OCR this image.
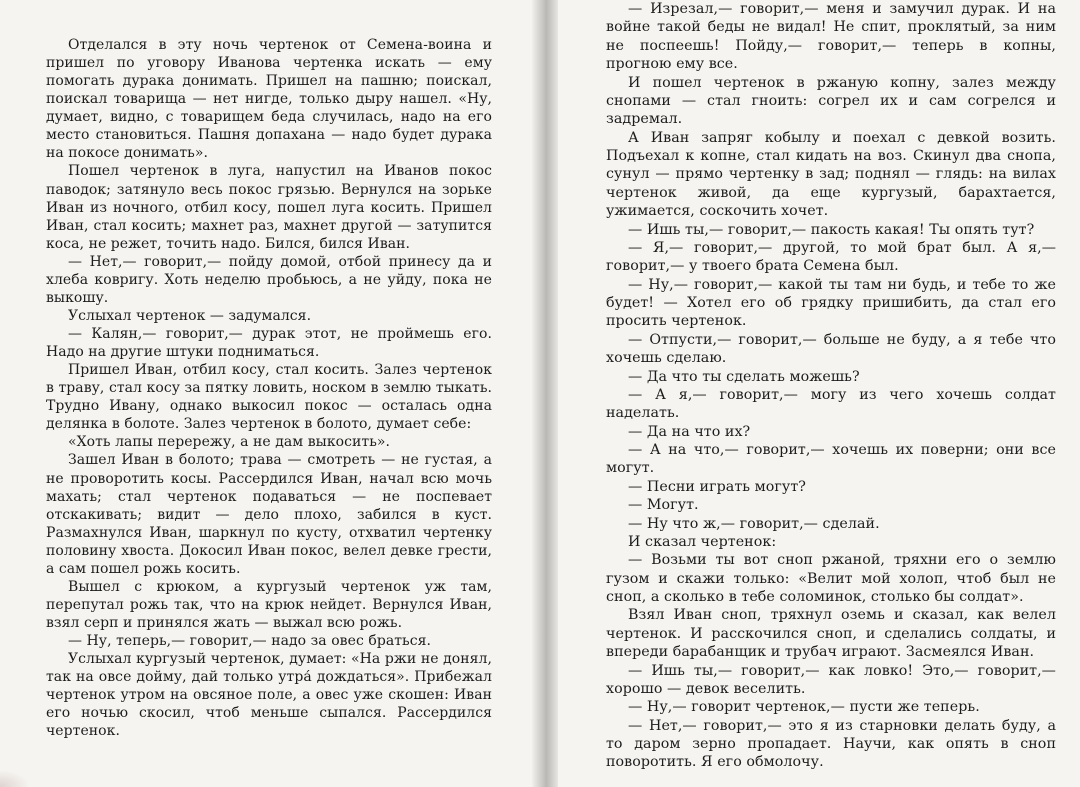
Отделался в эту ночь чертенок от Семена-воина и пришел по уговору Иванова чертенка искать — ему помогать дурака донимать. Пришел на пашню; поискал, поискал товарища — нет нигде, только дыру нашел. «Ну, думает, видно, с товарищем беда случилась, надо на его место становиться. Пашня допахана — надо будет дурака на покосе донимать».

Пошел чертенок в луга, напустил на Иванов покос паводок; затянуло весь покос грязью. Вернулся на зорьке Иван из ночного, отбил косу, пошел луга косить. Пришел Иван, стал косить; махнет раз, махнет другой — затупится коса, не режет, точить надо. Бился, бился Иван.

— Нет,— говорит,— пойду домой, отбой принесу да и хлеба ковригу. Хоть неделю пробьюсь, а не уйду, пока не выкошу.

Услыхал чертенок — задумался.

— Калян,— говорит,— дурак этот, не проймешь его. Надо на другие штуки подниматься.

Пришел Иван, отбил косу, стал косить. Залез чертенок в траву, стал косу за пятку ловить, носком в землю тыкать. Трудно Ивану, однако выкосил покос — осталась одна делянка в болоте. Залез чертенок в болото, думает себе:

«Хоть лапы перережу, а не дам выкосить».

Зашел Иван в болото; трава — смотреть — не густая, а не проворотить косы. Рассердился Иван, начал всю мочь махать; стал чертенок подаваться — не поспевает отскакивать; видит — дело плохо, забился в куст. Размахнулся Иван, шаркнул по кусту, отхватил чертенку половину хвоста. Докосил Иван покос, велел девке грести, а сам пошел рожь косить.

Вышел с крюком, а кургузый чертенок уж там, перепутал рожь так, что на крюк нейдет. Вернулся Иван, взял серп и принялся жать — выжал всю рожь.

— Ну, теперь,— говорит,— надо за овес браться.

Услыхал кургузый чертенок, думает: «На ржи не донял, так на овсе дойму, дай только утра́ дождаться». Прибежал чертенок утром на овсяное поле, а овес уже скошен: Иван его ночью скосил, чтоб меньше сыпался. Рассердился чертенок.

— Изрезал,— говорит,— меня и замучил дурак. И на войне такой беды не видал! Не спит, проклятый, за ним не поспеешь! Пойду,— говорит,— теперь в копны, прогною ему все.

И пошел чертенок в ржаную копну, залез между снопами — стал гноить: согрел их и сам согрелся и задремал.

А Иван запряг кобылу и поехал с девкой возить. Подъехал к копне, стал кидать на воз. Скинул два снопа, сунул — прямо чертенку в зад; поднял — глядь: на вилах чертенок живой, да еще кургузый, барахтается, ужимается, соскочить хочет.

— Ишь ты,— говорит,— пакость какая! Ты опять тут?

— Я,— говорит,— другой, то мой брат был. А я,— говорит,— у твоего брата Семена был.

— Ну,— говорит,— какой ты там ни будь, и тебе то же будет! — Хотел его об грядку пришибить, да стал его просить чертенок.

— Отпусти,— говорит,— больше не буду, а я тебе что хочешь сделаю.

— Да что ты сделать можешь?

— А я,— говорит,— могу из чего хочешь солдат наделать.

— Да на что их?

— А на что,— говорит,— хочешь их поверни; они все могут.

— Песни играть могут?

— Могут.

— Ну что ж,— говорит,— сделай.

И сказал чертенок:

— Возьми ты вот сноп ржаной, тряхни его о землю гузом и скажи только: «Велит мой холоп, чтоб был не сноп, а сколько в тебе соломинок, столько бы солдат».

Взял Иван сноп, тряхнул оземь и сказал, как велел чертенок. И расскочился сноп, и сделались солдаты, и впереди барабанщик и трубач играют. Засмеялся Иван.

— Ишь ты,— говорит,— как ловко! Это,— говорит,— хорошо — девок веселить.

— Ну,— говорит чертенок,— пусти же теперь.

— Нет,— говорит,— это я из старновки делать буду, а то даром зерно пропадает. Научи, как опять в сноп поворотить. Я его обмолочу.
